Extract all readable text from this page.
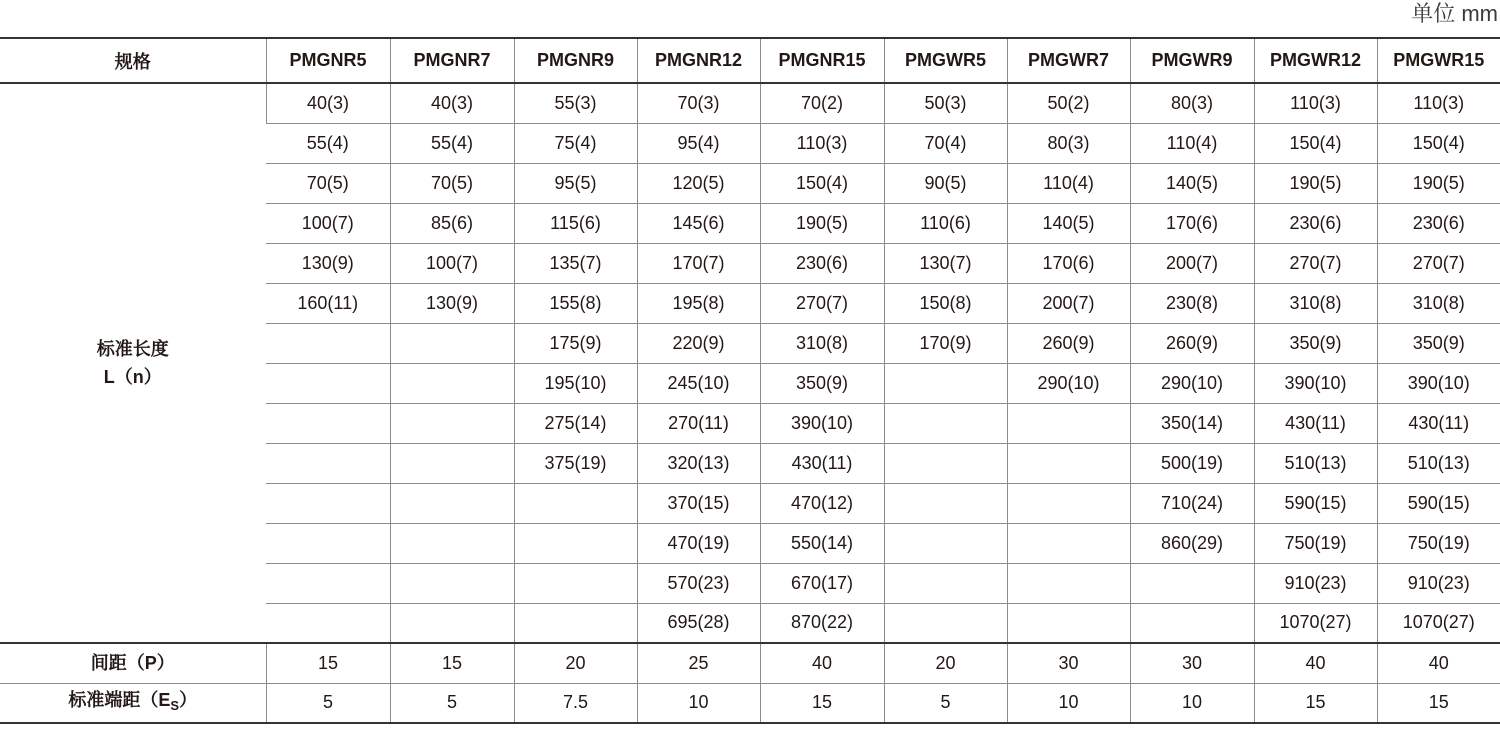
单位 mm
规格	PMGNR5	PMGNR7	PMGNR9	PMGNR12	PMGNR15	PMGWR5	PMGWR7	PMGWR9	PMGWR12	PMGWR15

标准长度
L（n）	40(3)	40(3)	55(3)	70(3)	70(2)	50(3)	50(2)	80(3)	110(3)	110(3)
	55(4)	55(4)	75(4)	95(4)	110(3)	70(4)	80(3)	110(4)	150(4)	150(4)
	70(5)	70(5)	95(5)	120(5)	150(4)	90(5)	110(4)	140(5)	190(5)	190(5)
	100(7)	85(6)	115(6)	145(6)	190(5)	110(6)	140(5)	170(6)	230(6)	230(6)
	130(9)	100(7)	135(7)	170(7)	230(6)	130(7)	170(6)	200(7)	270(7)	270(7)
	160(11)	130(9)	155(8)	195(8)	270(7)	150(8)	200(7)	230(8)	310(8)	310(8)
			175(9)	220(9)	310(8)	170(9)	260(9)	260(9)	350(9)	350(9)
			195(10)	245(10)	350(9)		290(10)	290(10)	390(10)	390(10)
			275(14)	270(11)	390(10)			350(14)	430(11)	430(11)
			375(19)	320(13)	430(11)			500(19)	510(13)	510(13)
				370(15)	470(12)			710(24)	590(15)	590(15)
				470(19)	550(14)			860(29)	750(19)	750(19)
				570(23)	670(17)				910(23)	910(23)
				695(28)	870(22)				1070(27)	1070(27)
间距（P）	15	15	20	25	40	20	30	30	40	40
标准端距$(E_S)$	5	5	7.5	10	15	5	10	10	15	15
